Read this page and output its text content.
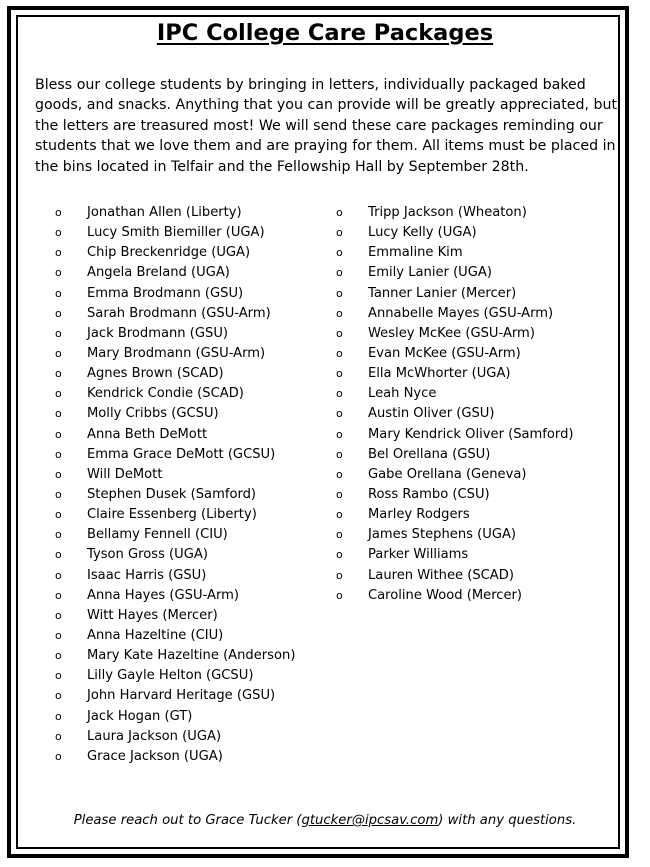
IPC College Care Packages

Bless our college students by bringing in letters, individually packaged baked goods, and snacks. Anything that you can provide will be greatly appreciated, but the letters are treasured most! We will send these care packages reminding our students that we love them and are praying for them. All items must be placed in the bins located in Telfair and the Fellowship Hall by September 28th.

o Jonathan Allen (Liberty)
o Lucy Smith Biemiller (UGA)
o Chip Breckenridge (UGA)
o Angela Breland (UGA)
o Emma Brodmann (GSU)
o Sarah Brodmann (GSU-Arm)
o Jack Brodmann (GSU)
o Mary Brodmann (GSU-Arm)
o Agnes Brown (SCAD)
o Kendrick Condie (SCAD)
o Molly Cribbs (GCSU)
o Anna Beth DeMott
o Emma Grace DeMott (GCSU)
o Will DeMott
o Stephen Dusek (Samford)
o Claire Essenberg (Liberty)
o Bellamy Fennell (CIU)
o Tyson Gross (UGA)
o Isaac Harris (GSU)
o Anna Hayes (GSU-Arm)
o Witt Hayes (Mercer)
o Anna Hazeltine (CIU)
o Mary Kate Hazeltine (Anderson)
o Lilly Gayle Helton (GCSU)
o John Harvard Heritage (GSU)
o Jack Hogan (GT)
o Laura Jackson (UGA)
o Grace Jackson (UGA)
o Tripp Jackson (Wheaton)
o Lucy Kelly (UGA)
o Emmaline Kim
o Emily Lanier (UGA)
o Tanner Lanier (Mercer)
o Annabelle Mayes (GSU-Arm)
o Wesley McKee (GSU-Arm)
o Evan McKee (GSU-Arm)
o Ella McWhorter (UGA)
o Leah Nyce
o Austin Oliver (GSU)
o Mary Kendrick Oliver (Samford)
o Bel Orellana (GSU)
o Gabe Orellana (Geneva)
o Ross Rambo (CSU)
o Marley Rodgers
o James Stephens (UGA)
o Parker Williams
o Lauren Withee (SCAD)
o Caroline Wood (Mercer)
Please reach out to Grace Tucker (gtucker@ipcsav.com) with any questions.
